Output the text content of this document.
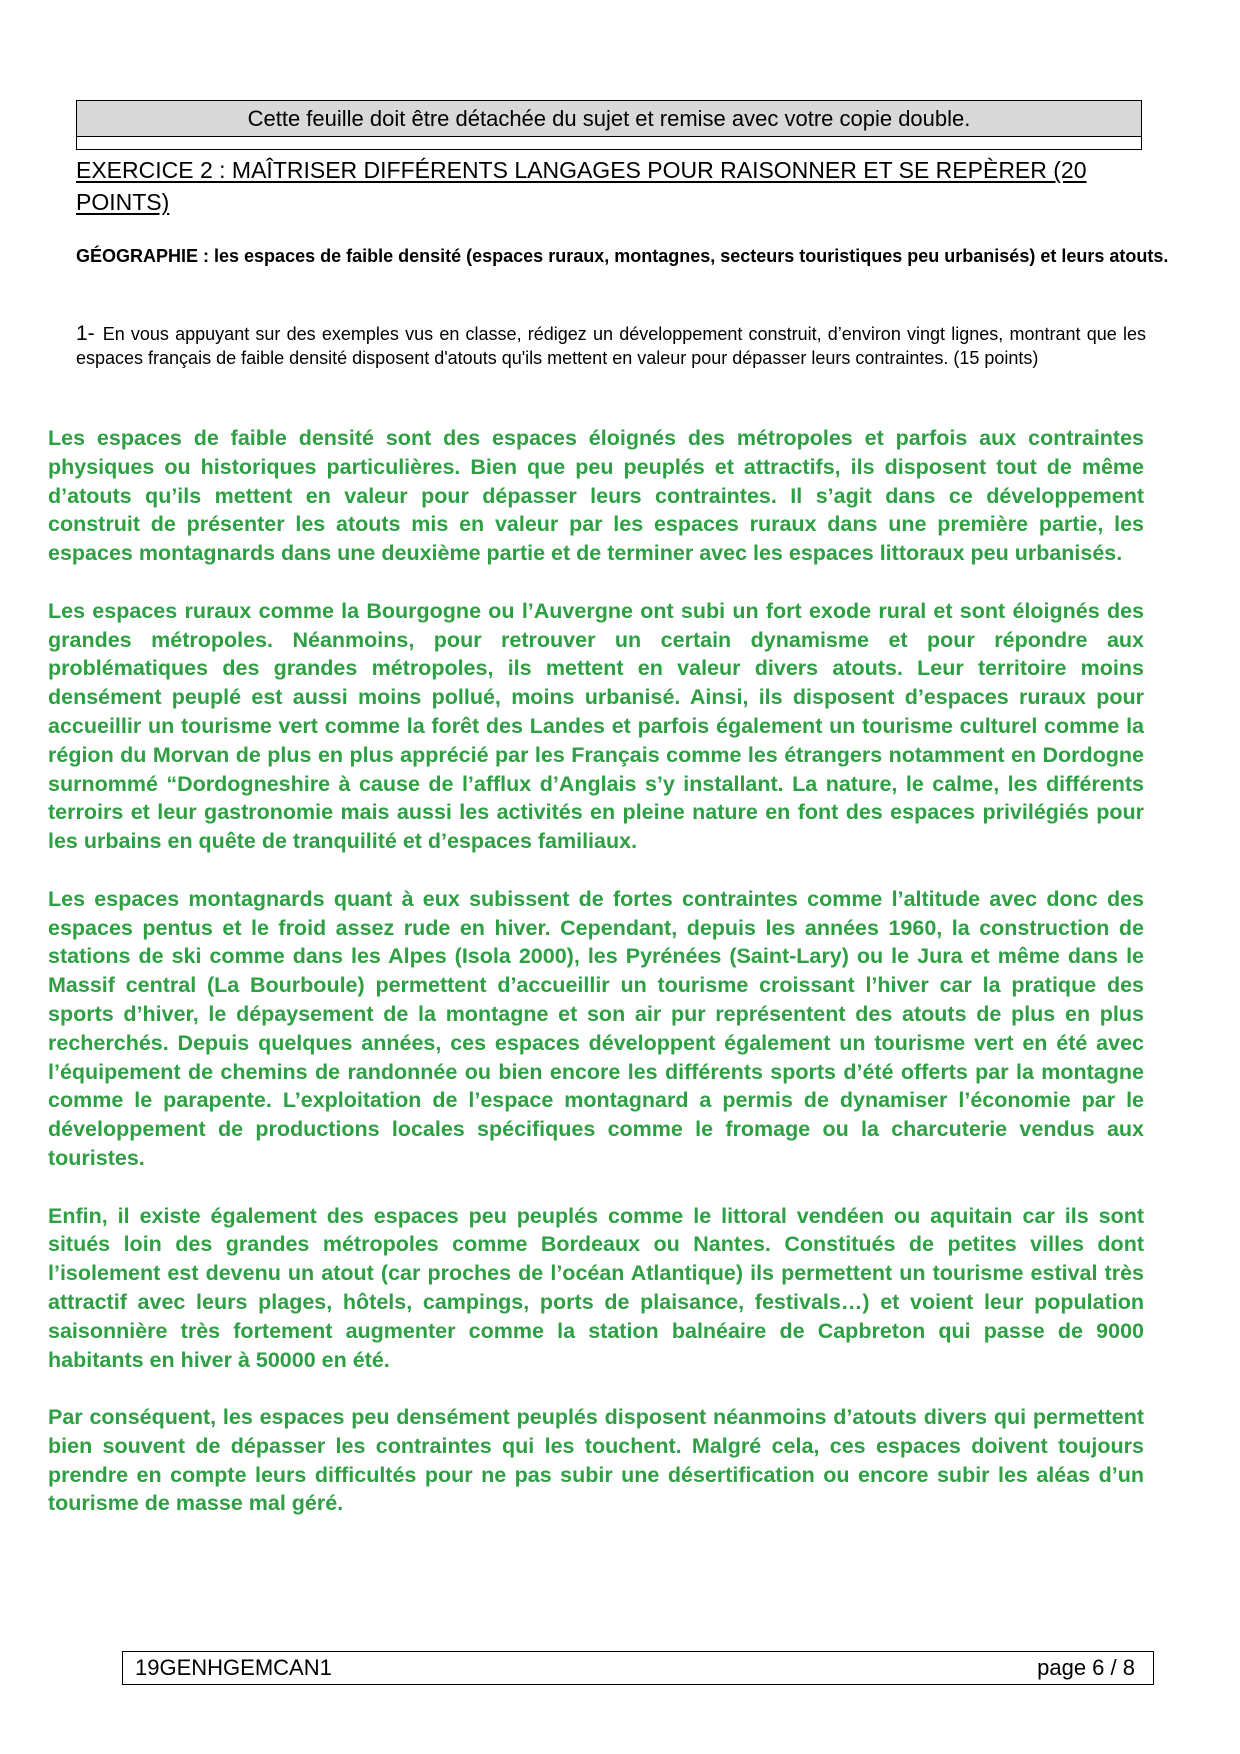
Cette feuille doit être détachée du sujet et remise avec votre copie double.
EXERCICE 2 : MAÎTRISER DIFFÉRENTS LANGAGES POUR RAISONNER ET SE REPÈRER (20 POINTS)
GÉOGRAPHIE : les espaces de faible densité (espaces ruraux, montagnes, secteurs touristiques peu urbanisés) et leurs atouts.
1- En vous appuyant sur des exemples vus en classe, rédigez un développement construit, d’environ vingt lignes, montrant que les espaces français de faible densité disposent d'atouts qu'ils mettent en valeur pour dépasser leurs contraintes. (15 points)

Les espaces de faible densité sont des espaces éloignés des métropoles et parfois aux contraintes physiques ou historiques particulières. Bien que peu peuplés et attractifs, ils disposent tout de même d’atouts qu’ils mettent en valeur pour dépasser leurs contraintes. Il s’agit dans ce développement construit de présenter les atouts mis en valeur par les espaces ruraux dans une première partie, les espaces montagnards dans une deuxième partie et de terminer avec les espaces littoraux peu urbanisés.

Les espaces ruraux comme la Bourgogne ou l’Auvergne ont subi un fort exode rural et sont éloignés des grandes métropoles. Néanmoins, pour retrouver un certain dynamisme et pour répondre aux problématiques des grandes métropoles, ils mettent en valeur divers atouts. Leur territoire moins densément peuplé est aussi moins pollué, moins urbanisé. Ainsi, ils disposent d’espaces ruraux pour accueillir un tourisme vert comme la forêt des Landes et parfois également un tourisme culturel comme la région du Morvan de plus en plus apprécié par les Français comme les étrangers notamment en Dordogne surnommé “Dordogneshire à cause de l’afflux d’Anglais s’y installant. La nature, le calme, les différents terroirs et leur gastronomie mais aussi les activités en pleine nature en font des espaces privilégiés pour les urbains en quête de tranquilité et d’espaces familiaux.

Les espaces montagnards quant à eux subissent de fortes contraintes comme l’altitude avec donc des espaces pentus et le froid assez rude en hiver. Cependant, depuis les années 1960, la construction de stations de ski comme dans les Alpes (Isola 2000), les Pyrénées (Saint-Lary) ou le Jura et même dans le Massif central (La Bourboule) permettent d’accueillir un tourisme croissant l’hiver car la pratique des sports d’hiver, le dépaysement de la montagne et son air pur représentent des atouts de plus en plus recherchés. Depuis quelques années, ces espaces développent également un tourisme vert en été avec l’équipement de chemins de randonnée ou bien encore les différents sports d’été offerts par la montagne comme le parapente. L’exploitation de l’espace montagnard a permis de dynamiser l’économie par le développement de productions locales spécifiques comme le fromage ou la charcuterie vendus aux touristes.

Enfin, il existe également des espaces peu peuplés comme le littoral vendéen ou aquitain car ils sont situés loin des grandes métropoles comme Bordeaux ou Nantes. Constitués de petites villes dont l’isolement est devenu un atout (car proches de l’océan Atlantique) ils permettent un tourisme estival très attractif avec leurs plages, hôtels, campings, ports de plaisance, festivals…) et voient leur population saisonnière très fortement augmenter comme la station balnéaire de Capbreton qui passe de 9000 habitants en hiver à 50000 en été.

Par conséquent, les espaces peu densément peuplés disposent néanmoins d’atouts divers qui permettent bien souvent de dépasser les contraintes qui les touchent. Malgré cela, ces espaces doivent toujours prendre en compte leurs difficultés pour ne pas subir une désertification ou encore subir les aléas d’un tourisme de masse mal géré.

19GENHGEMCAN1	page 6 / 8
